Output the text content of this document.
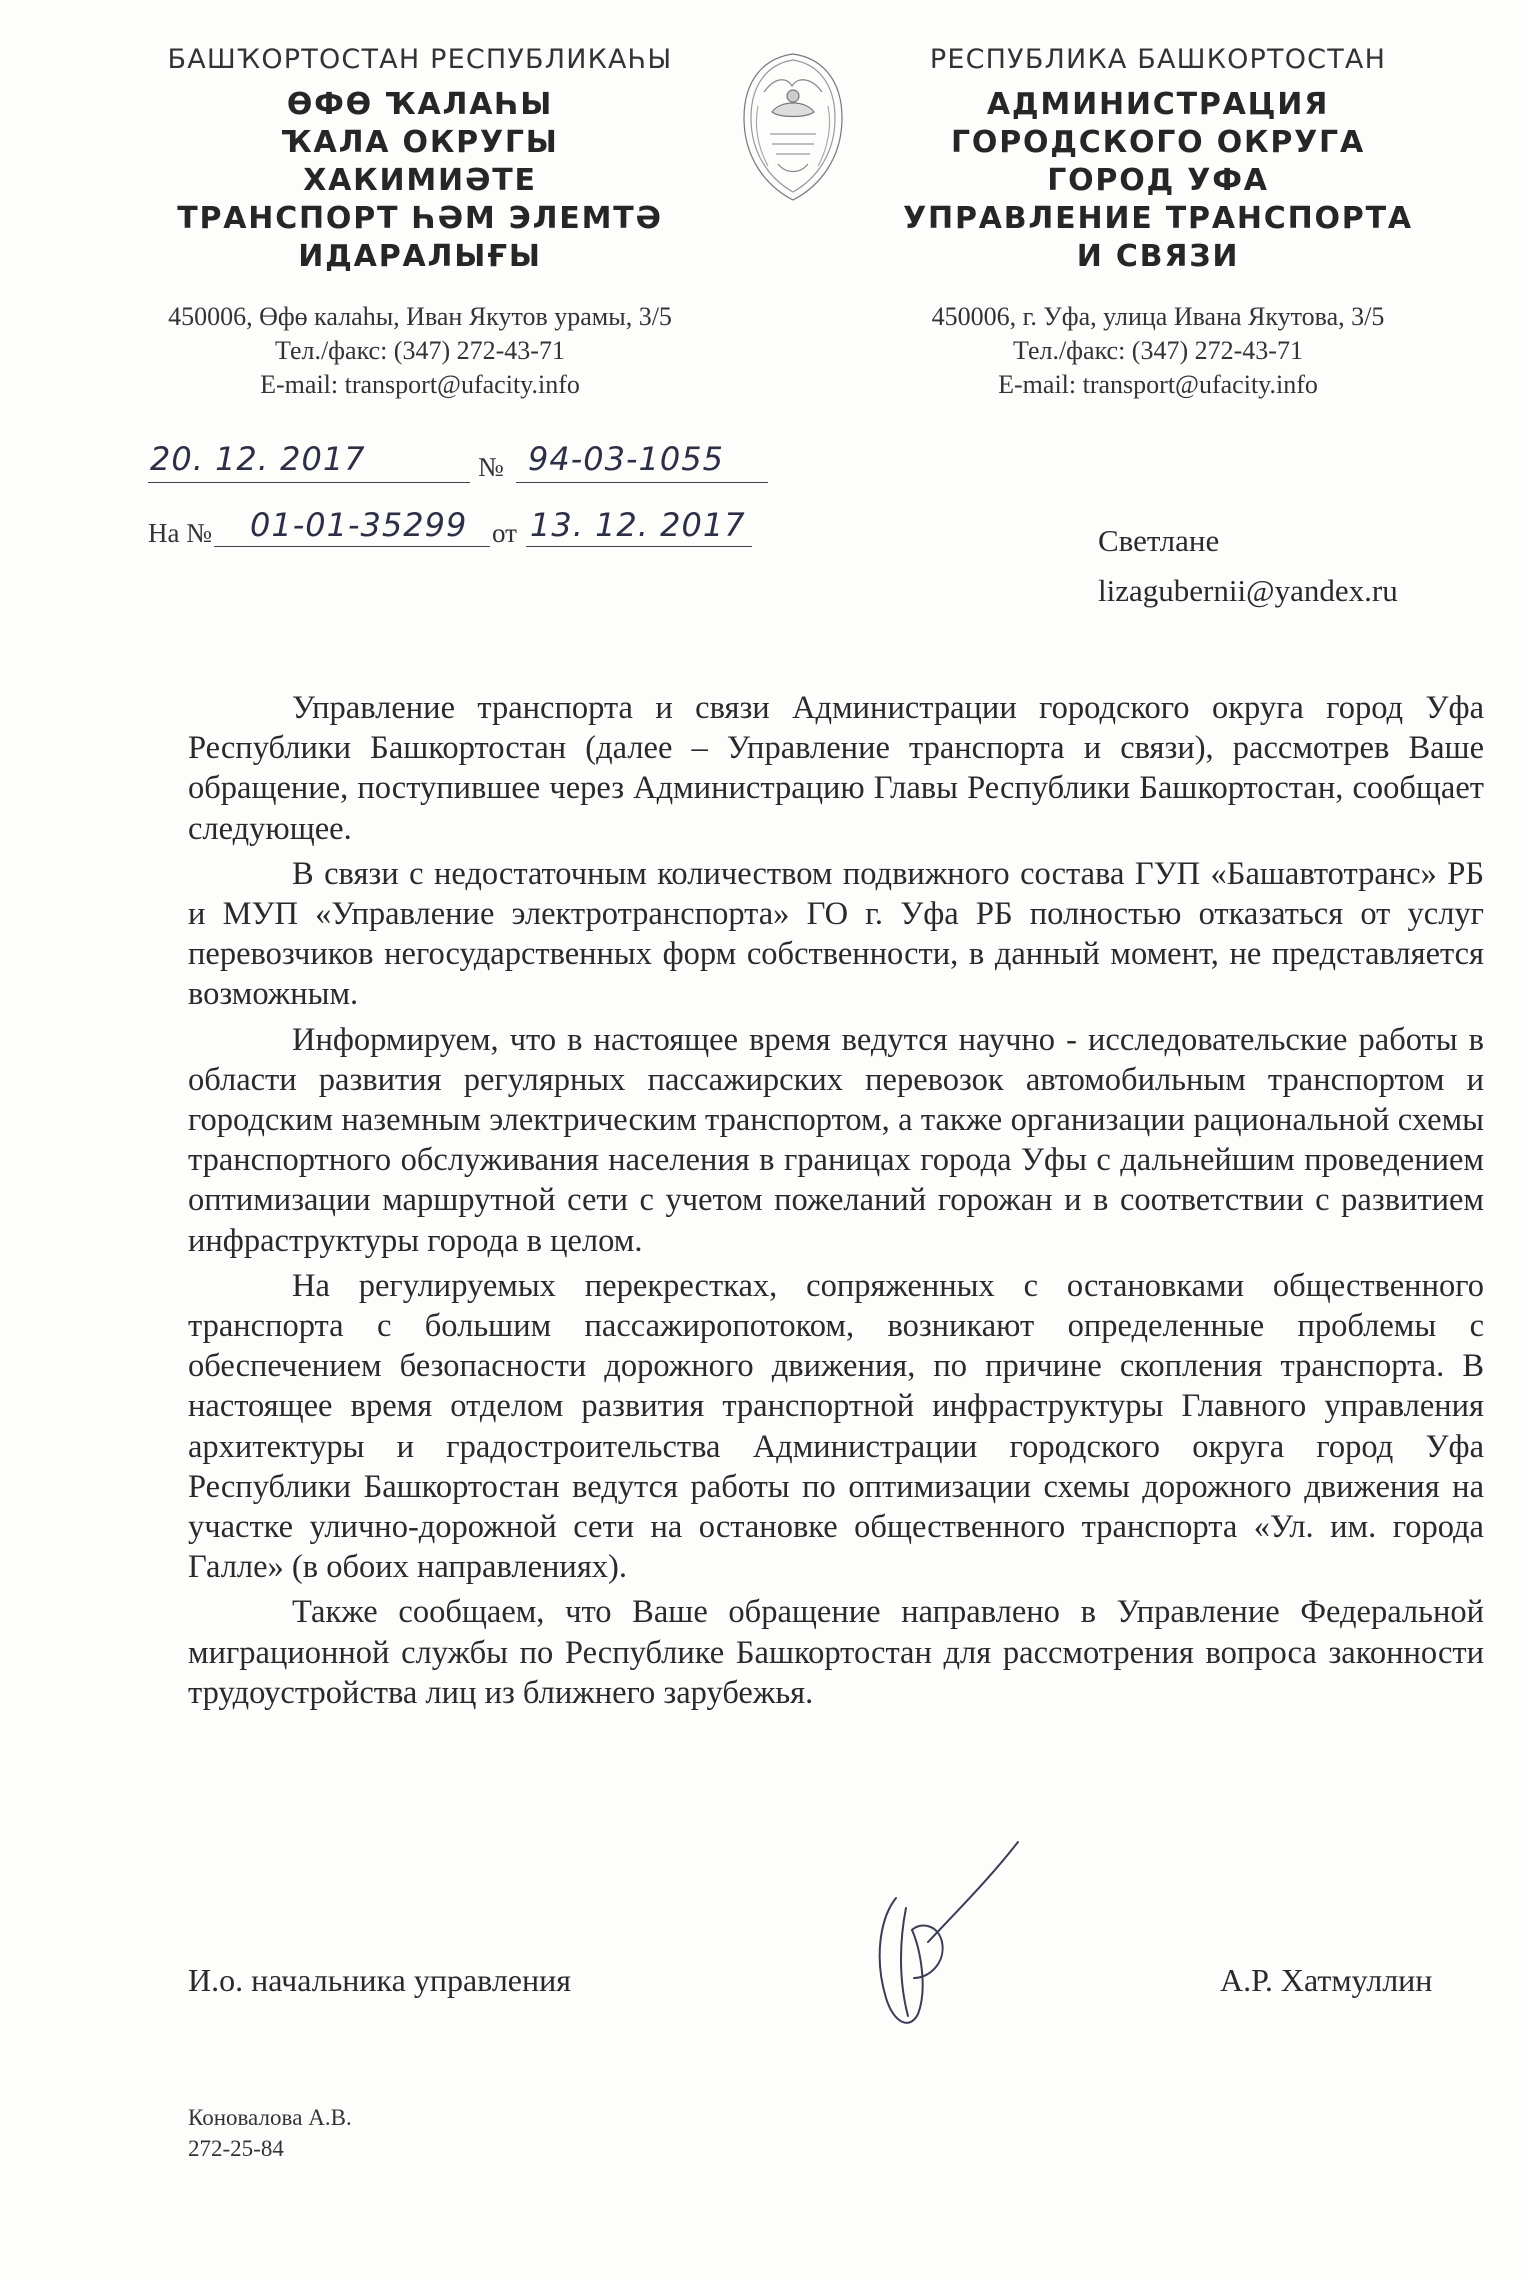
БАШҠОРТОСТАН РЕСПУБЛИКАҺЫ
ӨФӨ ҠАЛАҺЫ
ҠАЛА ОКРУГЫ
ХАКИМИӘТЕ
ТРАНСПОРТ ҺӘМ ЭЛЕМТӘ
ИДАРАЛЫҒЫ
450006, Өфө калаһы, Иван Якутов урамы, 3/5
Тел./факс: (347) 272-43-71
E-mail: transport@ufacity.info
РЕСПУБЛИКА БАШКОРТОСТАН
АДМИНИСТРАЦИЯ
ГОРОДСКОГО ОКРУГА
ГОРОД УФА
УПРАВЛЕНИЕ ТРАНСПОРТА
И СВЯЗИ
450006, г. Уфа, улица Ивана Якутова, 3/5
Тел./факс: (347) 272-43-71
E-mail: transport@ufacity.info
20. 12. 2017	№ 94-03-1055
На № 01-01-35299 от 13. 12. 2017	Светлане
lizagubernii@yandex.ru

Управление транспорта и связи Администрации городского округа город Уфа Республики Башкортостан (далее – Управление транспорта и связи), рассмотрев Ваше обращение, поступившее через Администрацию Главы Республики Башкортостан, сообщает следующее.

В связи с недостаточным количеством подвижного состава ГУП «Башавтотранс» РБ и МУП «Управление электротранспорта» ГО г. Уфа РБ полностью отказаться от услуг перевозчиков негосударственных форм собственности, в данный момент, не представляется возможным.

Информируем, что в настоящее время ведутся научно - исследовательские работы в области развития регулярных пассажирских перевозок автомобильным транспортом и городским наземным электрическим транспортом, а также организации рациональной схемы транспортного обслуживания населения в границах города Уфы с дальнейшим проведением оптимизации маршрутной сети с учетом пожеланий горожан и в соответствии с развитием инфраструктуры города в целом.

На регулируемых перекрестках, сопряженных с остановками общественного транспорта с большим пассажиропотоком, возникают определенные проблемы с обеспечением безопасности дорожного движения, по причине скопления транспорта. В настоящее время отделом развития транспортной инфраструктуры Главного управления архитектуры и градостроительства Администрации городского округа город Уфа Республики Башкортостан ведутся работы по оптимизации схемы дорожного движения на участке улично-дорожной сети на остановке общественного транспорта «Ул. им. города Галле» (в обоих направлениях).

Также сообщаем, что Ваше обращение направлено в Управление Федеральной миграционной службы по Республике Башкортостан для рассмотрения вопроса законности трудоустройства лиц из ближнего зарубежья.

И.о. начальника управления	А.Р. Хатмуллин
Коноваловa А.В.
272-25-84
